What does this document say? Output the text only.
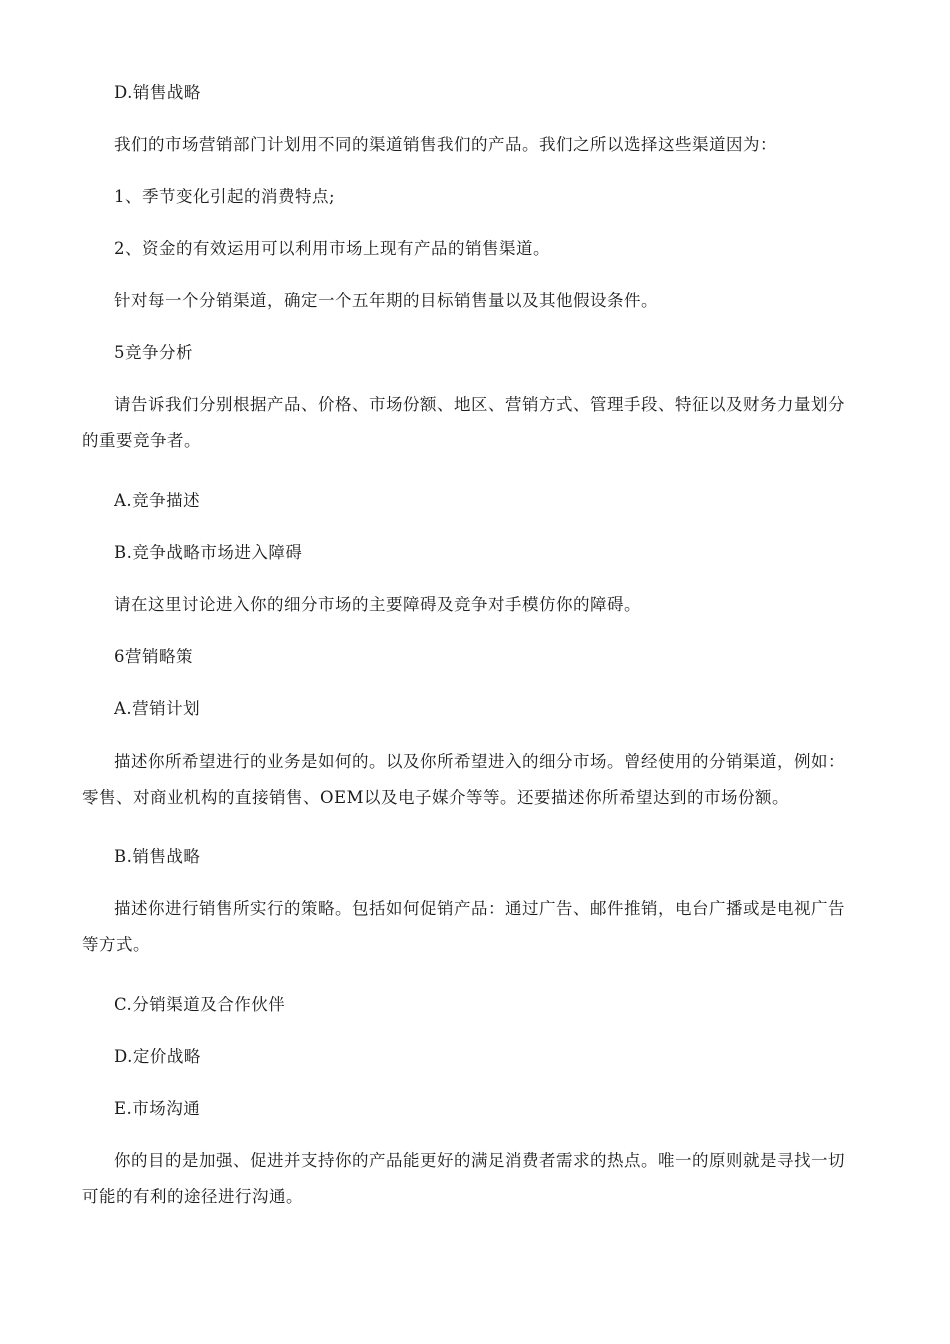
D.销售战略

我们的市场营销部门计划用不同的渠道销售我们的产品。我们之所以选择这些渠道因为：

1、季节变化引起的消费特点;

2、资金的有效运用可以利用市场上现有产品的销售渠道。

针对每一个分销渠道，确定一个五年期的目标销售量以及其他假设条件。

5竞争分析

请告诉我们分别根据产品、价格、市场份额、地区、营销方式、管理手段、特征以及财务力量划分的重要竞争者。

A.竞争描述

B.竞争战略市场进入障碍

请在这里讨论进入你的细分市场的主要障碍及竞争对手模仿你的障碍。

6营销略策

A.营销计划

描述你所希望进行的业务是如何的。以及你所希望进入的细分市场。曾经使用的分销渠道，例如：零售、对商业机构的直接销售、OEM以及电子媒介等等。还要描述你所希望达到的市场份额。

B.销售战略

描述你进行销售所实行的策略。包括如何促销产品：通过广告、邮件推销，电台广播或是电视广告等方式。

C.分销渠道及合作伙伴

D.定价战略

E.市场沟通

你的目的是加强、促进并支持你的产品能更好的满足消费者需求的热点。唯一的原则就是寻找一切可能的有利的途径进行沟通。
